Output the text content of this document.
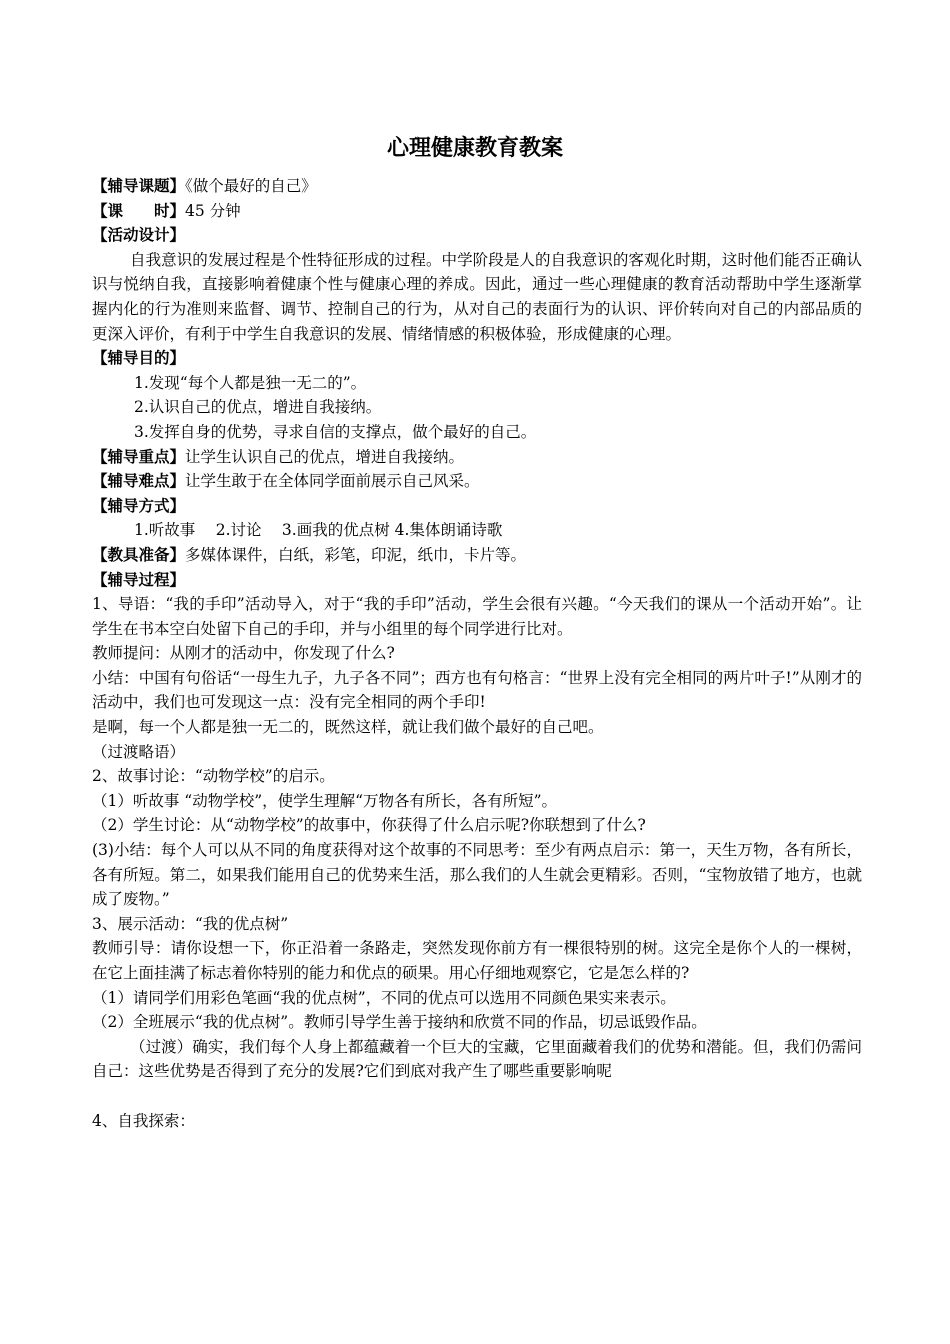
心理健康教育教案

【辅导课题】《做个最好的自己》

【课　　时】45 分钟

【活动设计】

自我意识的发展过程是个性特征形成的过程。中学阶段是人的自我意识的客观化时期，这时他们能否正确认识与悦纳自我，直接影响着健康个性与健康心理的养成。因此，通过一些心理健康的教育活动帮助中学生逐渐掌握内化的行为准则来监督、调节、控制自己的行为，从对自己的表面行为的认识、评价转向对自己的内部品质的更深入评价，有利于中学生自我意识的发展、情绪情感的积极体验，形成健康的心理。

【辅导目的】

1.发现“每个人都是独一无二的”。

2.认识自己的优点，增进自我接纳。

3.发挥自身的优势，寻求自信的支撑点，做个最好的自己。

【辅导重点】让学生认识自己的优点，增进自我接纳。

【辅导难点】让学生敢于在全体同学面前展示自己风采。

【辅导方式】

1.听故事　 2.讨论　 3.画我的优点树 4.集体朗诵诗歌

【教具准备】多媒体课件，白纸，彩笔，印泥，纸巾，卡片等。

【辅导过程】

1、导语：“我的手印”活动导入，对于“我的手印”活动，学生会很有兴趣。“今天我们的课从一个活动开始”。让学生在书本空白处留下自己的手印，并与小组里的每个同学进行比对。

教师提问：从刚才的活动中，你发现了什么?

小结：中国有句俗话“一母生九子，九子各不同”；西方也有句格言：“世界上没有完全相同的两片叶子!”从刚才的活动中，我们也可发现这一点：没有完全相同的两个手印!

是啊，每一个人都是独一无二的，既然这样，就让我们做个最好的自己吧。

（过渡略语）

2、故事讨论：“动物学校”的启示。

（1）听故事 “动物学校”，使学生理解“万物各有所长，各有所短”。

（2）学生讨论：从“动物学校”的故事中，你获得了什么启示呢?你联想到了什么?

(3)小结：每个人可以从不同的角度获得对这个故事的不同思考：至少有两点启示：第一，天生万物，各有所长，各有所短。第二，如果我们能用自己的优势来生活，那么我们的人生就会更精彩。否则，“宝物放错了地方，也就成了废物。”

3、展示活动：“我的优点树”

教师引导：请你设想一下，你正沿着一条路走，突然发现你前方有一棵很特别的树。这完全是你个人的一棵树，在它上面挂满了标志着你特别的能力和优点的硕果。用心仔细地观察它，它是怎么样的?

（1）请同学们用彩色笔画“我的优点树”，不同的优点可以选用不同颜色果实来表示。

（2）全班展示“我的优点树”。教师引导学生善于接纳和欣赏不同的作品，切忌诋毁作品。

（过渡）确实，我们每个人身上都蕴藏着一个巨大的宝藏，它里面藏着我们的优势和潜能。但，我们仍需问自己：这些优势是否得到了充分的发展?它们到底对我产生了哪些重要影响呢

4、自我探索：
